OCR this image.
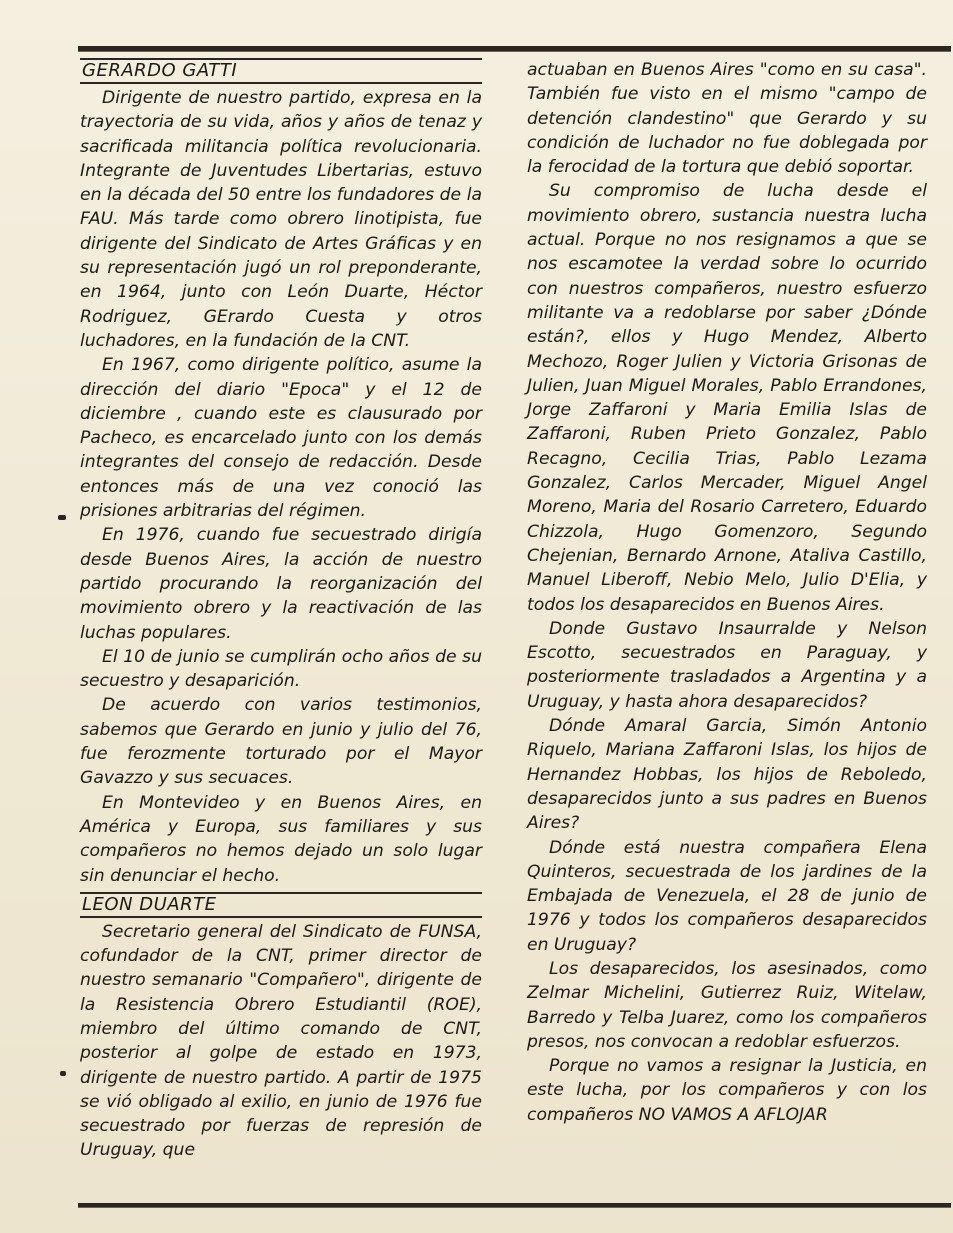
GERARDO GATTI

Dirigente de nuestro partido, expresa en la trayectoria de su vida, años y años de tenaz y sacrificada militancia política revolucionaria. Integrante de Juventudes Libertarias, estuvo en la década del 50 entre los fundadores de la FAU. Más tarde como obrero linotipista, fue dirigente del Sindicato de Artes Gráficas y en su representación jugó un rol preponderante, en 1964, junto con León Duarte, Héctor Rodriguez, GErardo Cuesta y otros luchadores, en la fundación de la CNT.

En 1967, como dirigente político, asume la dirección del diario "Epoca" y el 12 de diciembre , cuando este es clausurado por Pacheco, es encarcelado junto con los demás integrantes del consejo de redacción. Desde entonces más de una vez conoció las prisiones arbitrarias del régimen.

En 1976, cuando fue secuestrado dirigía desde Buenos Aires, la acción de nuestro partido procurando la reorganización del movimiento obrero y la reactivación de las luchas populares.

El 10 de junio se cumplirán ocho años de su secuestro y desaparición.

De acuerdo con varios testimonios, sabemos que Gerardo en junio y julio del 76, fue ferozmente torturado por el Mayor Gavazzo y sus secuaces.

En Montevideo y en Buenos Aires, en América y Europa, sus familiares y sus compañeros no hemos dejado un solo lugar sin denunciar el hecho.

LEON DUARTE

Secretario general del Sindicato de FUNSA, cofundador de la CNT, primer director de nuestro semanario "Compañero", dirigente de la Resistencia Obrero Estudiantil (ROE), miembro del último comando de CNT, posterior al golpe de estado en 1973, dirigente de nuestro partido. A partir de 1975 se vió obligado al exilio, en junio de 1976 fue secuestrado por fuerzas de represión de Uruguay, que

actuaban en Buenos Aires "como en su casa". También fue visto en el mismo "campo de detención clandestino" que Gerardo y su condición de luchador no fue doblegada por la ferocidad de la tortura que debió soportar.

Su compromiso de lucha desde el movimiento obrero, sustancia nuestra lucha actual. Porque no nos resignamos a que se nos escamotee la verdad sobre lo ocurrido con nuestros compañeros, nuestro esfuerzo militante va a redoblarse por saber ¿Dónde están?, ellos y Hugo Mendez, Alberto Mechozo, Roger Julien y Victoria Grisonas de Julien, Juan Miguel Morales, Pablo Errandones, Jorge Zaffaroni y Maria Emilia Islas de Zaffaroni, Ruben Prieto Gonzalez, Pablo Recagno, Cecilia Trias, Pablo Lezama Gonzalez, Carlos Mercader, Miguel Angel Moreno, Maria del Rosario Carretero, Eduardo Chizzola, Hugo Gomenzoro, Segundo Chejenian, Bernardo Arnone, Ataliva Castillo, Manuel Liberoff, Nebio Melo, Julio D'Elia, y todos los desaparecidos en Buenos Aires.

Donde Gustavo Insaurralde y Nelson Escotto, secuestrados en Paraguay, y posteriormente trasladados a Argentina y a Uruguay, y hasta ahora desaparecidos?

Dónde Amaral Garcia, Simón Antonio Riquelo, Mariana Zaffaroni Islas, los hijos de Hernandez Hobbas, los hijos de Reboledo, desaparecidos junto a sus padres en Buenos Aires?

Dónde está nuestra compañera Elena Quinteros, secuestrada de los jardines de la Embajada de Venezuela, el 28 de junio de 1976 y todos los compañeros desaparecidos en Uruguay?

Los desaparecidos, los asesinados, como Zelmar Michelini, Gutierrez Ruiz, Witelaw, Barredo y Telba Juarez, como los compañeros presos, nos convocan a redoblar esfuerzos.

Porque no vamos a resignar la Justicia, en este lucha, por los compañeros y con los compañeros NO VAMOS A AFLOJAR
